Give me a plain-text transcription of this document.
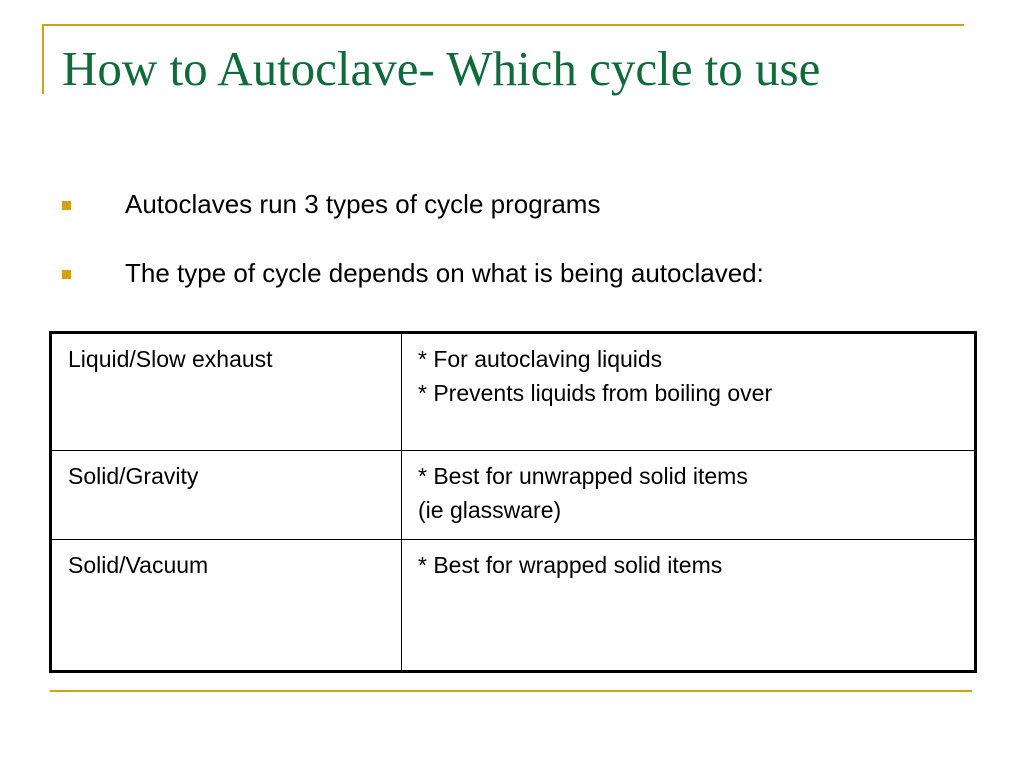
How to Autoclave- Which cycle to use
Autoclaves run 3 types of cycle programs
The type of cycle depends on what is being autoclaved:
Liquid/Slow exhaust	* For autoclaving liquids
* Prevents liquids from boiling over

Solid/Gravity	* Best for unwrapped solid items
(ie glassware)

Solid/Vacuum	* Best for wrapped solid items
